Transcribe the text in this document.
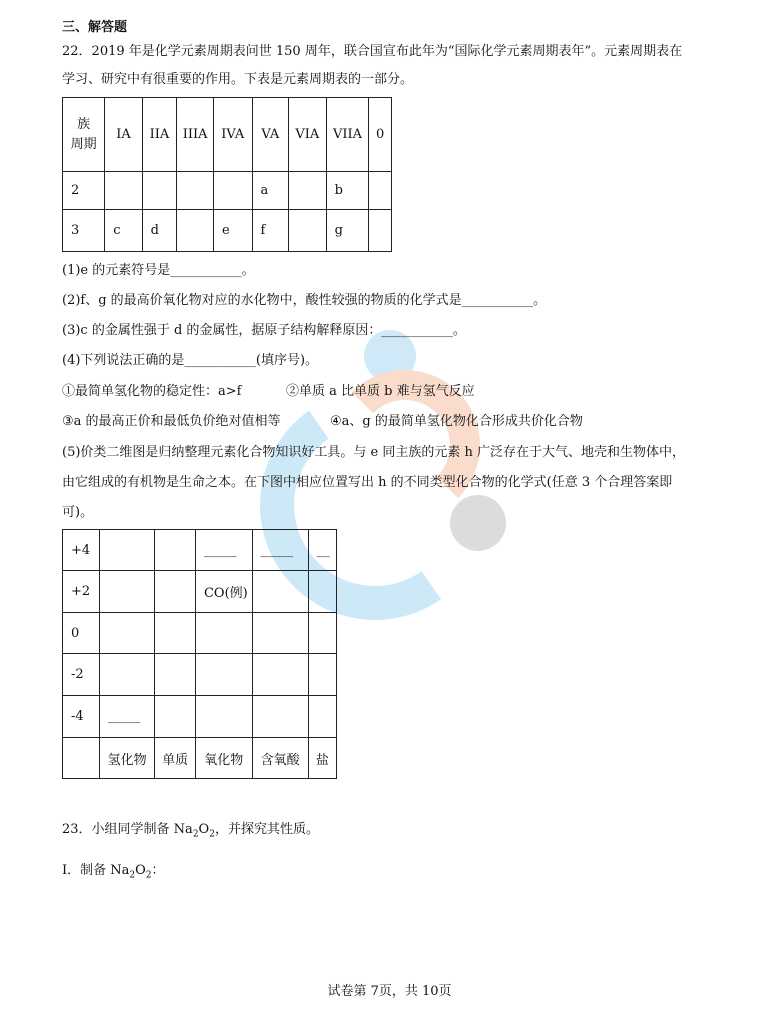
三、解答题
22．2019 年是化学元素周期表问世 150 周年，联合国宣布此年为“国际化学元素周期表年”。元素周期表在
学习、研究中有很重要的作用。下表是元素周期表的一部分。
族
周期	IA	IIA	IIIA	IVA	VA	VIA	VIIA	0
2					a		b	
3	c	d		e	f		g	
(1)e 的元素符号是___________。
(2)f、g 的最高价氧化物对应的水化物中，酸性较强的物质的化学式是___________。
(3)c 的金属性强于 d 的金属性，据原子结构解释原因：___________。
(4)下列说法正确的是___________(填序号)。
①最简单氢化物的稳定性：a>f	②单质 a 比单质 b 难与氢气反应
③a 的最高正价和最低负价绝对值相等	④a、g 的最简单氢化物化合形成共价化合物
(5)价类二维图是归纳整理元素化合物知识好工具。与 e 同主族的元素 h 广泛存在于大气、地壳和生物体中，
由它组成的有机物是生命之本。在下图中相应位置写出 h 的不同类型化合物的化学式(任意 3 个合理答案即
可)。
+4			_____	_____	__
+2			CO(例)		
0					
-2					
-4	_____				
	氢化物	单质	氧化物	含氧酸	盐
23．小组同学制备 $Na_2O_2$，并探究其性质。
I．制备 $Na_2O_2$：
试卷第 7页，共 10页
